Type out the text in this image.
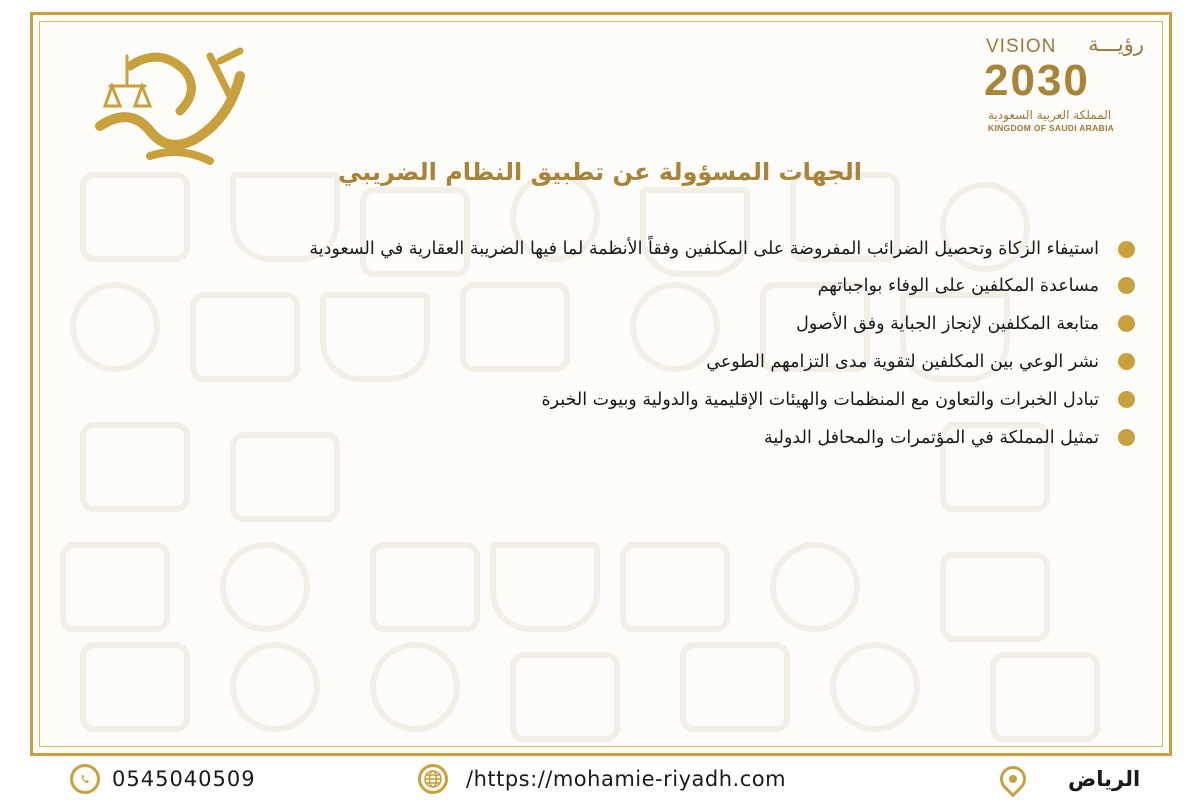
VISION رؤيـــة
2030
المملكة العربية السعودية
KINGDOM OF SAUDI ARABIA
الجهات المسؤولة عن تطبيق النظام الضريبي
استيفاء الزكاة وتحصيل الضرائب المفروضة على المكلفين وفقاً الأنظمة لما فيها الضريبة العقارية في السعودية
مساعدة المكلفين على الوفاء بواجباتهم
متابعة المكلفين لإنجاز الجباية وفق الأصول
نشر الوعي بين المكلفين لتقوية مدى التزامهم الطوعي
تبادل الخبرات والتعاون مع المنظمات والهيئات الإقليمية والدولية وبيوت الخبرة
تمثيل المملكة في المؤتمرات والمحافل الدولية
0545040509	/https://mohamie-riyadh.com	الرياض
